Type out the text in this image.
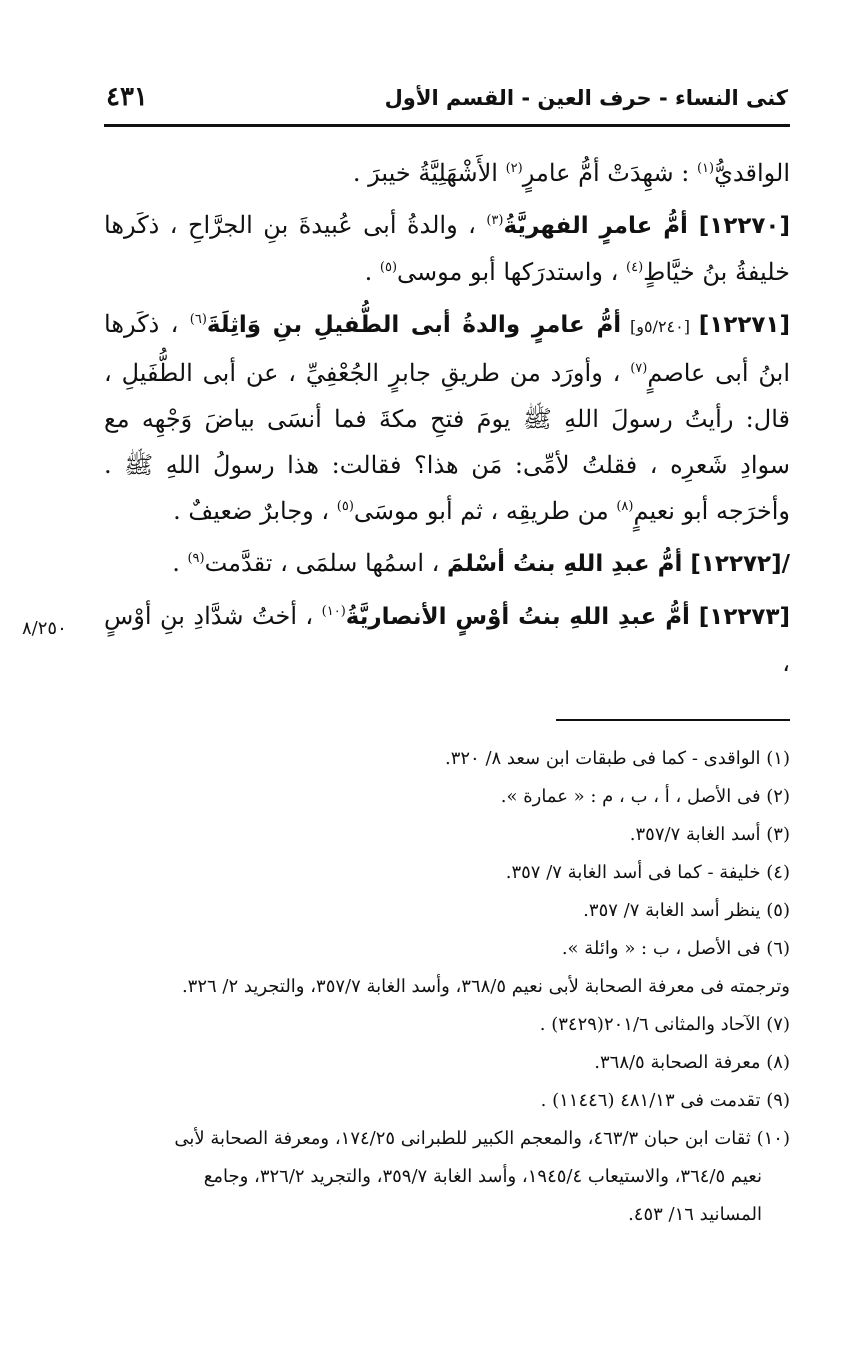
كنى النساء - حرف العين - القسم الأول
٤٣١

الواقديُّ$^{(١)}$ : شهِدَتْ أمُّ عامرٍ$^{(٢)}$ الأَشْهَلِيَّةُ خيبرَ .

[١٢٢٧٠] أمُّ عامرٍ الفهريَّةُ$^{(٣)}$ ، والدةُ أبى عُبيدةَ بنِ الجرَّاحِ ، ذكَرها خليفةُ بنُ خيَّاطٍ$^{(٤)}$ ، واستدرَكها أبو موسى$^{(٥)}$ .

[١٢٢٧١] [٥/٢٤٠و] أمُّ عامرٍ والدةُ أبى الطُّفيلِ بنِ وَاثِلَةَ$^{(٦)}$ ، ذكَرها ابنُ أبى عاصمٍ$^{(٧)}$ ، وأورَد من طريقِ جابرٍ الجُعْفِيِّ ، عن أبى الطُّفَيلِ ، قال: رأيتُ رسولَ اللهِ ﷺ يومَ فتحِ مكةَ فما أنسَى بياضَ وَجْهِه مع سوادِ شَعرِه ، فقلتُ لأمِّى: مَن هذا؟ فقالت: هذا رسولُ اللهِ ﷺ . وأخرَجه أبو نعيمٍ$^{(٨)}$ من طريقِه ، ثم أبو موسَى$^{(٥)}$ ، وجابرٌ ضعيفٌ .

/[١٢٢٧٢] أمُّ عبدِ اللهِ بنتُ أسْلمَ ، اسمُها سلمَى ، تقدَّمت$^{(٩)}$ .

[١٢٢٧٣] أمُّ عبدِ اللهِ بنتُ أوْسٍ الأنصاريَّةُ$^{(١٠)}$ ، أختُ شدَّادِ بنِ أوْسٍ ،

٨/٢٥٠

(١) الواقدى - كما فى طبقات ابن سعد ٨/ ٣٢٠.

(٢) فى الأصل ، أ ، ب ، م : « عمارة ».

(٣) أسد الغابة ٣٥٧/٧.

(٤) خليفة - كما فى أسد الغابة ٧/ ٣٥٧.

(٥) ينظر أسد الغابة ٧/ ٣٥٧.

(٦) فى الأصل ، ب : « وائلة ».

وترجمته فى معرفة الصحابة لأبى نعيم ٣٦٨/٥، وأسد الغابة ٣٥٧/٧، والتجريد ٢/ ٣٢٦.

(٧) الآحاد والمثانى ٢٠١/٦(٣٤٢٩) .

(٨) معرفة الصحابة ٣٦٨/٥.

(٩) تقدمت فى ٤٨١/١٣ (١١٤٤٦) .

(١٠) ثقات ابن حبان ٤٦٣/٣، والمعجم الكبير للطبرانى ١٧٤/٢٥، ومعرفة الصحابة لأبى

نعيم ٣٦٤/٥، والاستيعاب ١٩٤٥/٤، وأسد الغابة ٣٥٩/٧، والتجريد ٣٢٦/٢، وجامع

المسانيد ١٦/ ٤٥٣.
